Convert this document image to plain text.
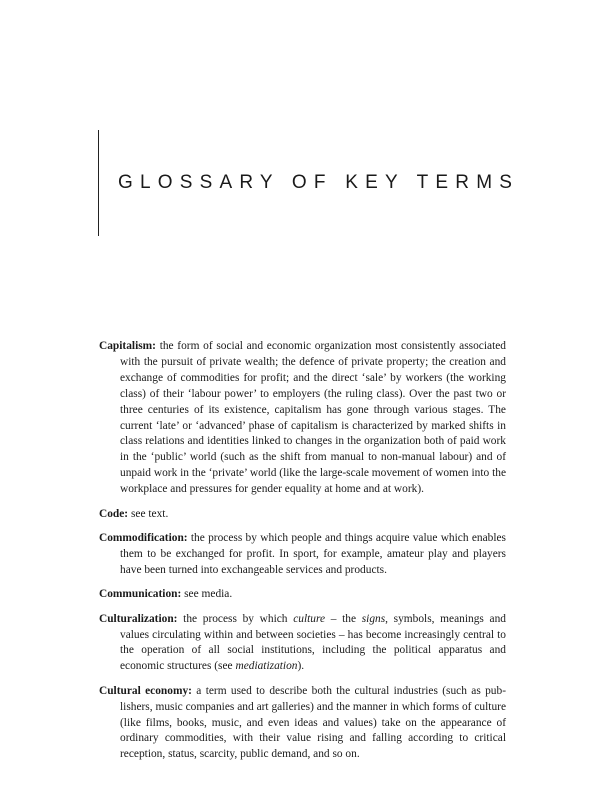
GLOSSARY OF KEY TERMS

Capitalism: the form of social and economic organization most consistently associated with the pursuit of private wealth; the defence of private property; the creation and exchange of commodities for profit; and the direct ‘sale’ by workers (the working class) of their ‘labour power’ to employers (the ruling class). Over the past two or three centuries of its existence, capitalism has gone through various stages. The current ‘late’ or ‘advanced’ phase of capitalism is characterized by marked shifts in class relations and identities linked to changes in the organization both of paid work in the ‘public’ world (such as the shift from manual to non-manual labour) and of unpaid work in the ‘private’ world (like the large-scale movement of women into the workplace and pressures for gender equality at home and at work).

Code: see text.

Commodification: the process by which people and things acquire value which enables them to be exchanged for profit. In sport, for example, amateur play and players have been turned into exchangeable services and products.

Communication: see media.

Culturalization: the process by which culture – the signs, symbols, meanings and values circulating within and between societies – has become increasingly central to the operation of all social institutions, including the political apparatus and economic structures (see mediatization).

Cultural economy: a term used to describe both the cultural industries (such as publishers, music companies and art galleries) and the manner in which forms of culture (like films, books, music, and even ideas and values) take on the appearance of ordinary commodities, with their value rising and falling according to critical reception, status, scarcity, public demand, and so on.
